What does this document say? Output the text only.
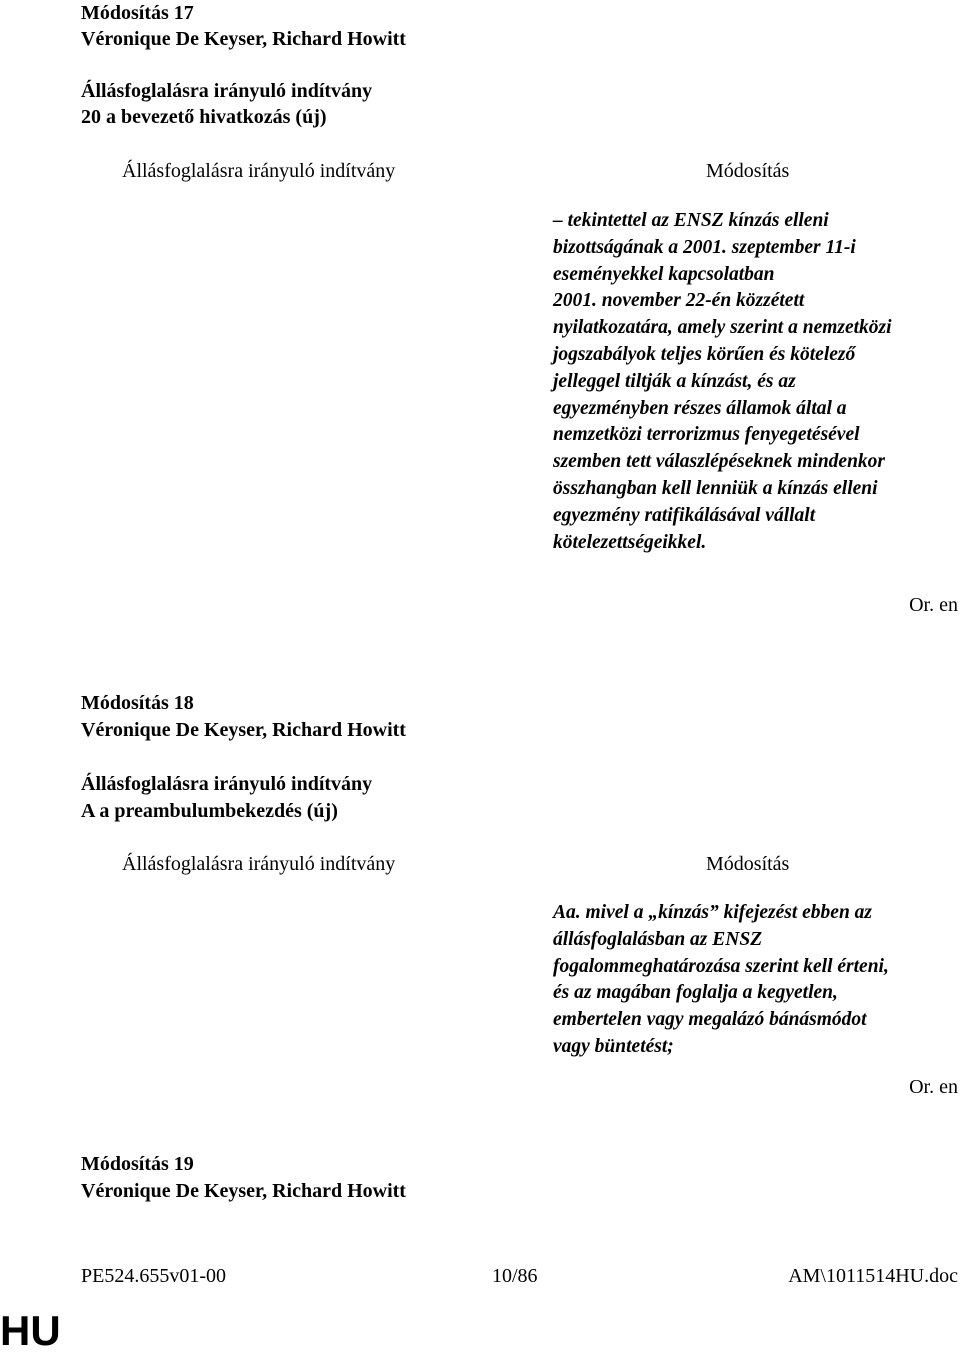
Módosítás 17
Véronique De Keyser, Richard Howitt
Állásfoglalásra irányuló indítvány
20 a bevezető hivatkozás (új)
Állásfoglalásra irányuló indítvány	Módosítás
– tekintettel az ENSZ kínzás elleni
bizottságának a 2001. szeptember 11-i
eseményekkel kapcsolatban
2001. november 22-én közzétett
nyilatkozatára, amely szerint a nemzetközi
jogszabályok teljes körűen és kötelező
jelleggel tiltják a kínzást, és az
egyezményben részes államok által a
nemzetközi terrorizmus fenyegetésével
szemben tett válaszlépéseknek mindenkor
összhangban kell lenniük a kínzás elleni
egyezmény ratifikálásával vállalt
kötelezettségeikkel.
Or. en
Módosítás 18
Véronique De Keyser, Richard Howitt
Állásfoglalásra irányuló indítvány
A a preambulumbekezdés (új)
Állásfoglalásra irányuló indítvány	Módosítás
Aa. mivel a „kínzás” kifejezést ebben az
állásfoglalásban az ENSZ
fogalommeghatározása szerint kell érteni,
és az magában foglalja a kegyetlen,
embertelen vagy megalázó bánásmódot
vagy büntetést;
Or. en
Módosítás 19
Véronique De Keyser, Richard Howitt
PE524.655v01-00	10/86	AM\1011514HU.doc
HU
